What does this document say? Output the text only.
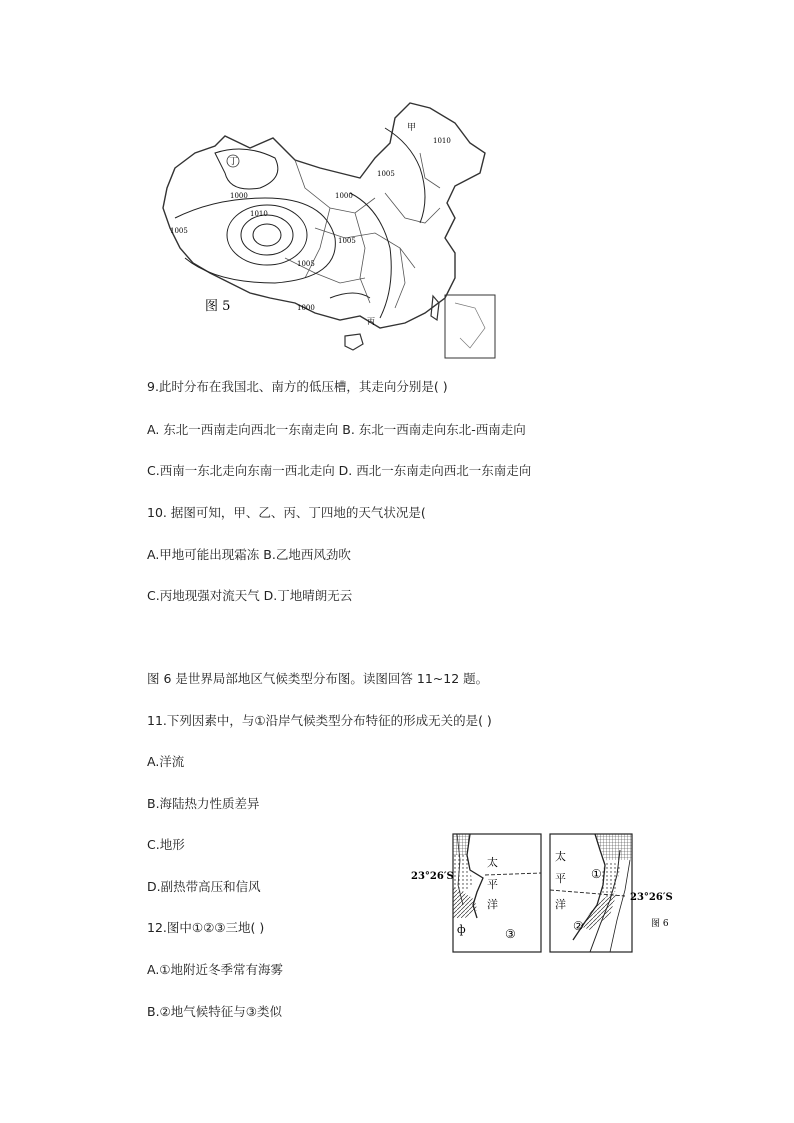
甲
丁
丙
1010
1005
1000
1000
1010
1005
1005
1005
1000
图 5
9.此时分布在我国北、南方的低压槽，其走向分别是( )
A. 东北一西南走向西北一东南走向 B. 东北一西南走向东北-西南走向
C.西南一东北走向东南一西北走向 D. 西北一东南走向西北一东南走向
10. 据图可知，甲、乙、丙、丁四地的天气状况是(
A.甲地可能出现霜冻 B.乙地西风劲吹
C.丙地现强对流天气 D.丁地晴朗无云
图 6 是世界局部地区气候类型分布图。读图回答 11~12 题。
11.下列因素中，与①沿岸气候类型分布特征的形成无关的是( )
A.洋流
B.海陆热力性质差异
C.地形
D.副热带高压和信风
12.图中①②③三地( )
A.①地附近冬季常有海雾
B.②地气候特征与③类似
23°26′S
太
平
洋
③
ф
23°26′S
太
平
洋
①
②	图 6
